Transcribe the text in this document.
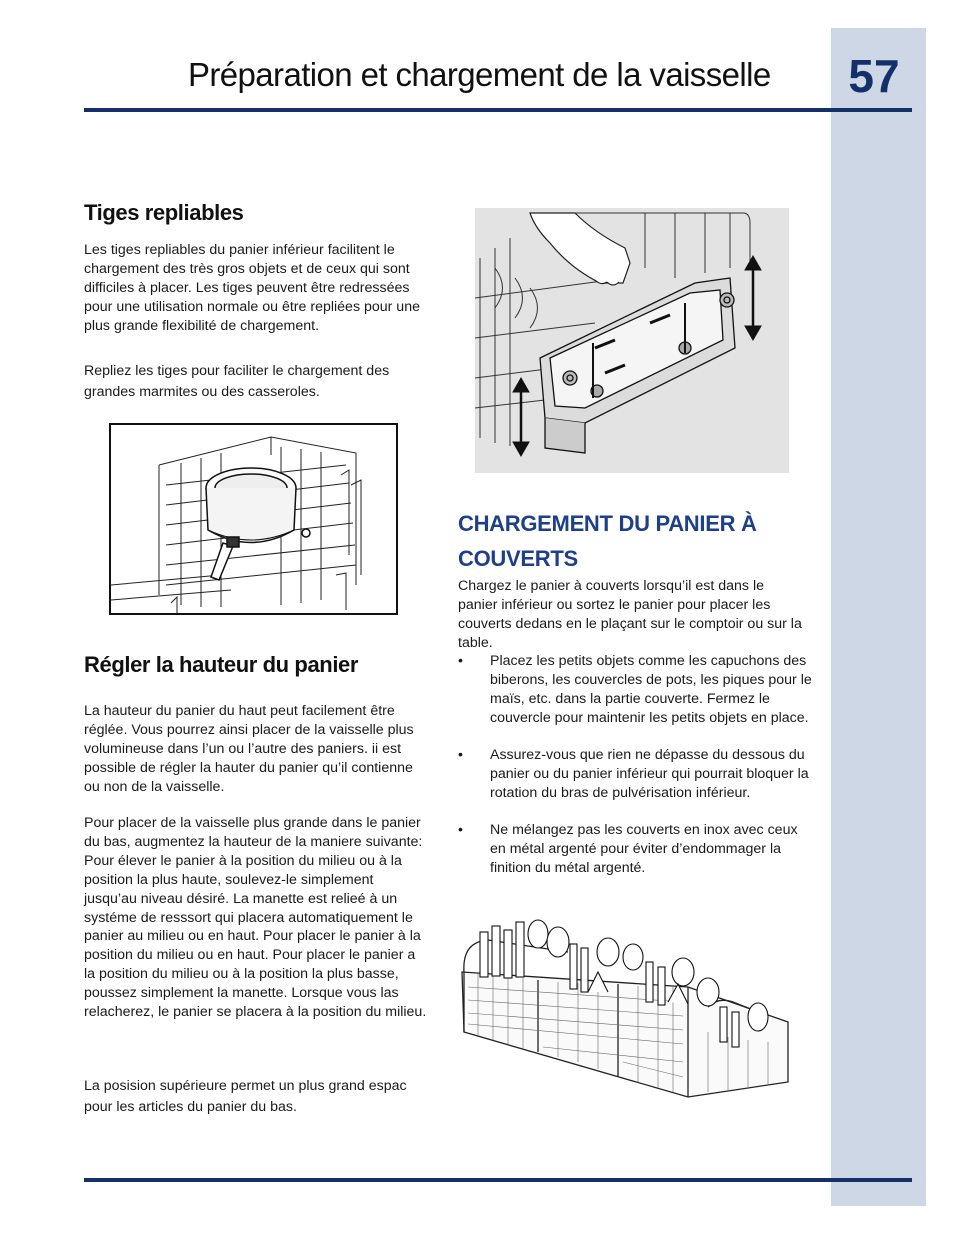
57
Préparation et chargement de la vaisselle
Tiges repliables

Les tiges repliables du panier inférieur facilitent le chargement des très gros objets et de ceux qui sont difficiles à placer. Les tiges peuvent être redressées pour une utilisation normale ou être repliées pour une plus grande flexibilité de chargement.

Repliez les tiges pour faciliter le chargement des grandes marmites ou des casseroles.

Régler la hauteur du panier

La hauteur du panier du haut peut facilement être réglée. Vous pourrez ainsi placer de la vaisselle plus volumineuse dans l’un ou l’autre des paniers. ii est possible de régler la hauter du panier qu’il contienne ou non de la vaisselle.

Pour placer de la vaisselle plus grande dans le panier du bas, augmentez la hauteur de la maniere suivante: Pour élever le panier à la position du milieu ou à la position la plus haute, soulevez-le simplement jusqu’au niveau désiré. La manette est relieé à un systéme de resssort qui placera automatiquement le panier au milieu ou en haut. Pour placer le panier à la position du milieu ou en haut. Pour placer le panier a la position du milieu ou à la position la plus basse, poussez simplement la manette. Lorsque vous las relacherez, le panier se placera à la position du milieu.

La posision supérieure permet un plus grand espac pour les articles du panier du bas.

CHARGEMENT DU PANIER À COUVERTS

Chargez le panier à couverts lorsqu’il est dans le panier inférieur ou sortez le panier pour placer les couverts dedans en le plaçant sur le comptoir ou sur la table.

•	Placez les petits objets comme les capuchons des biberons, les couvercles de pots, les piques pour le maïs, etc. dans la partie couverte. Fermez le couvercle pour maintenir les petits objets en place.
•	Assurez-vous que rien ne dépasse du dessous du panier ou du panier inférieur qui pourrait bloquer la rotation du bras de pulvérisation inférieur.
•	Ne mélangez pas les couverts en inox avec ceux en métal argenté pour éviter d’endommager la finition du métal argenté.
